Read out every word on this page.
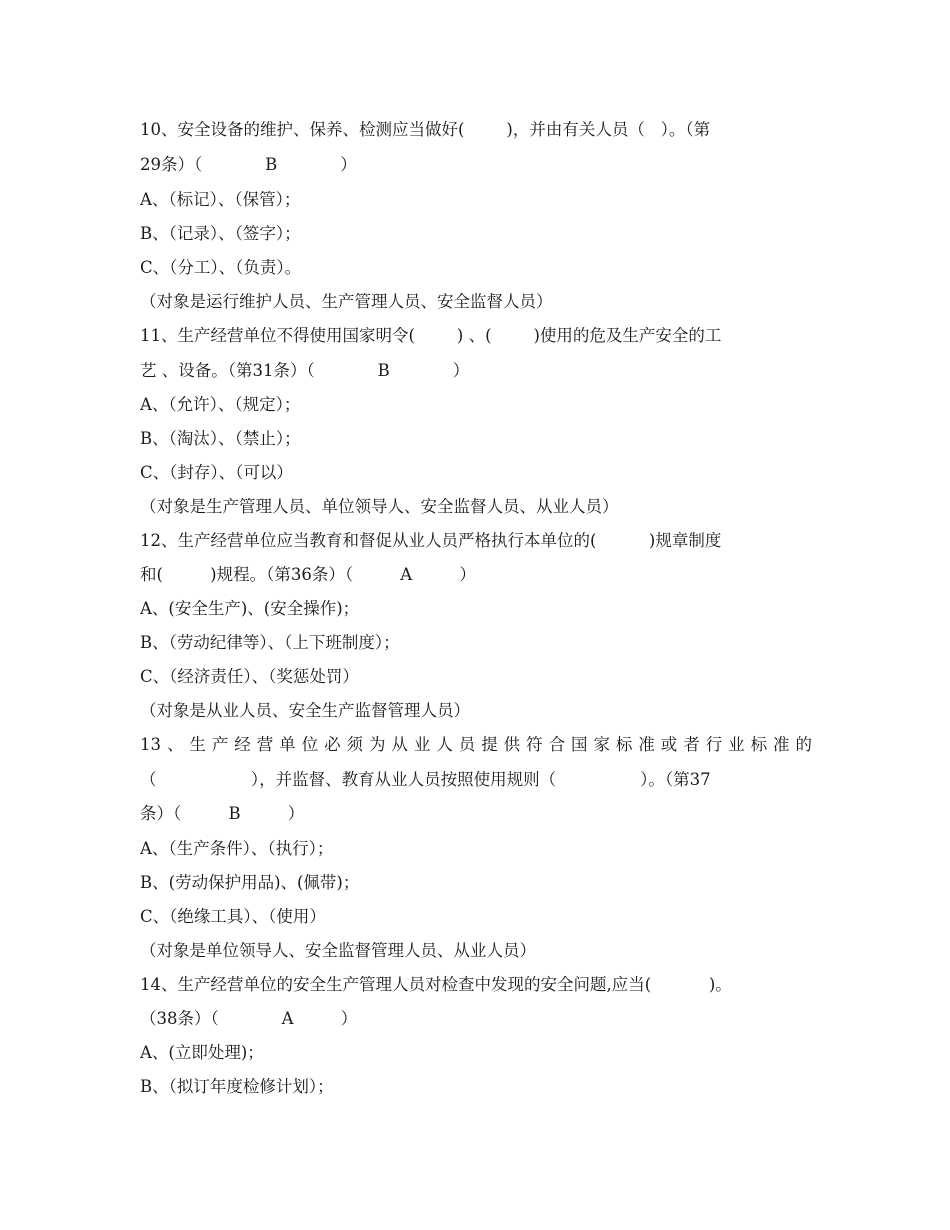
10、安全设备的维护、保养、检测应当做好(        )，并由有关人员（   ）。（第
29条）（            B            ）
A、（标记）、（保管）；
B、（记录）、（签字）；
C、（分工）、（负责）。
（对象是运行维护人员、生产管理人员、安全监督人员）
11、生产经营单位不得使用国家明令(        ) 、(        )使用的危及生产安全的工
艺 、设备。（第31条）（            B            ）
A、（允许）、（规定）；
B、（淘汰）、（禁止）；
C、（封存）、（可以）
（对象是生产管理人员、单位领导人、安全监督人员、从业人员）
12、生产经营单位应当教育和督促从业人员严格执行本单位的(          )规章制度
和(         )规程。（第36条）（         A         ）
A、(安全生产)、(安全操作)；
B、（劳动纪律等）、（上下班制度）；
C、（经济责任）、（奖惩处罚）
（对象是从业人员、安全生产监督管理人员）
13、生产经营单位必须为从业人员提供符合国家标准或者行业标准的
（                  ），并监督、教育从业人员按照使用规则（                ）。（第37
条）（         B         ）
A、（生产条件）、（执行）；
B、(劳动保护用品)、(佩带)；
C、（绝缘工具）、（使用）
（对象是单位领导人、安全监督管理人员、从业人员）
14、生产经营单位的安全生产管理人员对检查中发现的安全问题,应当(           )。
（38条）（            A         ）
A、(立即处理)；
B、（拟订年度检修计划）；
